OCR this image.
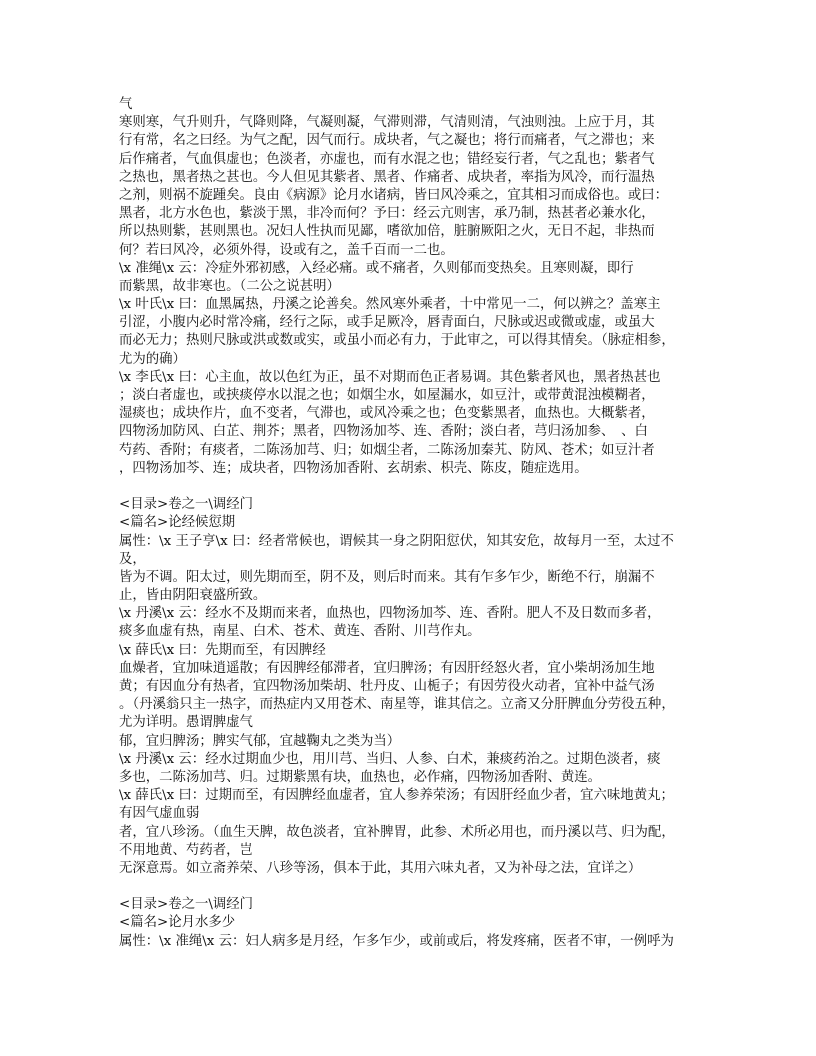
气
寒则寒，气升则升，气降则降，气凝则凝，气滞则滞，气清则清，气浊则浊。上应于月，其
行有常，名之曰经。为气之配，因气而行。成块者，气之凝也；将行而痛者，气之滞也；来
后作痛者，气血俱虚也；色淡者，亦虚也，而有水混之也；错经妄行者，气之乱也；紫者气
之热也，黑者热之甚也。今人但见其紫者、黑者、作痛者、成块者，率指为风冷，而行温热
之剂，则祸不旋踵矣。良由《病源》论月水诸病，皆曰风冷乘之，宜其相习而成俗也。或曰：
黑者，北方水色也，紫淡于黑，非冷而何？予曰：经云亢则害，承乃制，热甚者必兼水化，
所以热则紫，甚则黑也。况妇人性执而见鄙，嗜欲加倍，脏腑厥阳之火，无日不起，非热而
何？若曰风冷，必须外得，设或有之，盖千百而一二也。
\x 准绳\x 云：冷症外邪初感，入经必痛。或不痛者，久则郁而变热矣。且寒则凝，即行
而紫黑，故非寒也。（二公之说甚明）
\x 叶氏\x 曰：血黑属热，丹溪之论善矣。然风寒外乘者，十中常见一二，何以辨之？盖寒主
引涩，小腹内必时常冷痛，经行之际，或手足厥冷，唇青面白，尺脉或迟或微或虚，或虽大
而必无力；热则尺脉或洪或数或实，或虽小而必有力，于此审之，可以得其情矣。（脉症相参，
尤为的确）
\x 李氏\x 曰：心主血，故以色红为正，虽不对期而色正者易调。其色紫者风也，黑者热甚也
；淡白者虚也，或挟痰停水以混之也；如烟尘水，如屋漏水，如豆汁，或带黄混浊模糊者，
湿痰也；成块作片，血不变者，气滞也，或风冷乘之也；色变紫黑者，血热也。大概紫者，
四物汤加防风、白芷、荆芥；黑者，四物汤加芩、连、香附；淡白者，芎归汤加参、　、白
芍药、香附；有痰者，二陈汤加芎、归；如烟尘者，二陈汤加秦艽、防风、苍术；如豆汁者
，四物汤加芩、连；成块者，四物汤加香附、玄胡索、枳壳、陈皮，随症选用。
<目录>卷之一\调经门
<篇名>论经候愆期
属性：\x 王子亨\x 曰：经者常候也，谓候其一身之阴阳愆伏，知其安危，故每月一至，太过不
及，
皆为不调。阳太过，则先期而至，阴不及，则后时而来。其有乍多乍少，断绝不行，崩漏不
止，皆由阴阳衰盛所致。
\x 丹溪\x 云：经水不及期而来者，血热也，四物汤加芩、连、香附。肥人不及日数而多者，
痰多血虚有热，南星、白术、苍术、黄连、香附、川芎作丸。
\x 薛氏\x 曰：先期而至，有因脾经
血燥者，宜加味逍遥散；有因脾经郁滞者，宜归脾汤；有因肝经怒火者，宜小柴胡汤加生地
黄；有因血分有热者，宜四物汤加柴胡、牡丹皮、山栀子；有因劳役火动者，宜补中益气汤
。（丹溪翁只主一热字，而热症内又用苍术、南星等，谁其信之。立斋又分肝脾血分劳役五种，
尤为详明。愚谓脾虚气
郁，宜归脾汤；脾实气郁，宜越鞠丸之类为当）
\x 丹溪\x 云：经水过期血少也，用川芎、当归、人参、白术，兼痰药治之。过期色淡者，痰
多也，二陈汤加芎、归。过期紫黑有块，血热也，必作痛，四物汤加香附、黄连。
\x 薛氏\x 曰：过期而至，有因脾经血虚者，宜人参养荣汤；有因肝经血少者，宜六味地黄丸；
有因气虚血弱
者，宜八珍汤。（血生天脾，故色淡者，宜补脾胃，此参、术所必用也，而丹溪以芎、归为配，
不用地黄、芍药者，岂
无深意焉。如立斋养荣、八珍等汤，俱本于此，其用六味丸者，又为补母之法，宜详之）
<目录>卷之一\调经门
<篇名>论月水多少
属性：\x 准绳\x 云：妇人病多是月经，乍多乍少，或前或后，将发疼痛，医者不审，一例呼为
